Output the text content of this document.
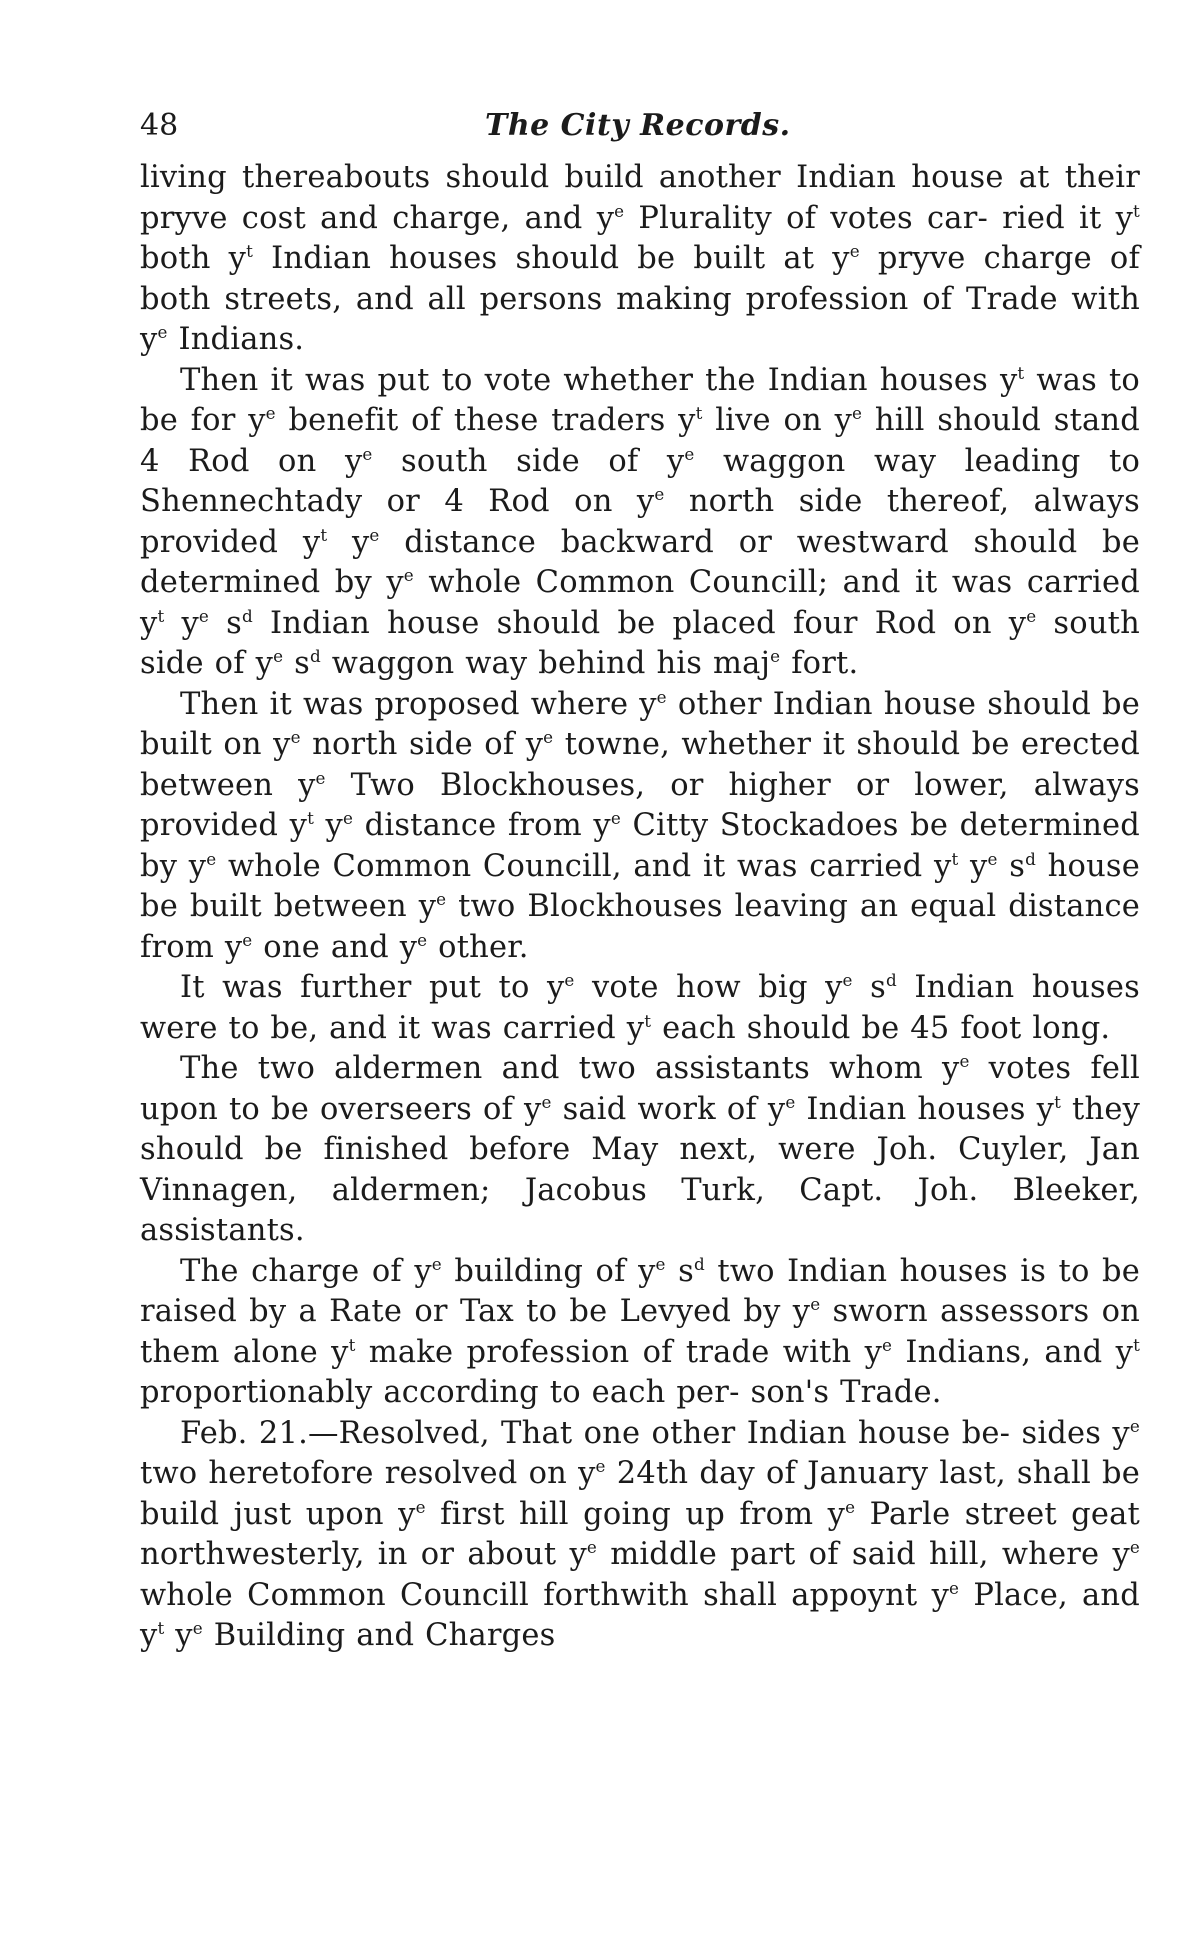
48	The City Records.

living thereabouts should build another Indian house at their pryve cost and charge, and $y^e$ Plurality of votes car- ried it $y^t$ both $y^t$ Indian houses should be built at $y^e$ pryve charge of both streets, and all persons making profession of Trade with $y^e$ Indians.

Then it was put to vote whether the Indian houses $y^t$ was to be for $y^e$ benefit of these traders $y^t$ live on $y^e$ hill should stand 4 Rod on $y^e$ south side of $y^e$ waggon way leading to Shennechtady or 4 Rod on $y^e$ north side thereof, always provided $y^t$ $y^e$ distance backward or westward should be determined by $y^e$ whole Common Councill; and it was carried $y^t$ $y^e$ $s^d$ Indian house should be placed four Rod on $y^e$ south side of $y^e$ $s^d$ waggon way behind his maj$^e$ fort.

Then it was proposed where $y^e$ other Indian house should be built on $y^e$ north side of $y^e$ towne, whether it should be erected between $y^e$ Two Blockhouses, or higher or lower, always provided $y^t$ $y^e$ distance from $y^e$ Citty Stockadoes be determined by $y^e$ whole Common Councill, and it was carried $y^t$ $y^e$ $s^d$ house be built between $y^e$ two Blockhouses leaving an equal distance from $y^e$ one and $y^e$ other.

It was further put to $y^e$ vote how big $y^e$ $s^d$ Indian houses were to be, and it was carried $y^t$ each should be 45 foot long.

The two aldermen and two assistants whom $y^e$ votes fell upon to be overseers of $y^e$ said work of $y^e$ Indian houses $y^t$ they should be finished before May next, were Joh. Cuyler, Jan Vinnagen, aldermen; Jacobus Turk, Capt. Joh. Bleeker, assistants.

The charge of $y^e$ building of $y^e$ $s^d$ two Indian houses is to be raised by a Rate or Tax to be Levyed by $y^e$ sworn assessors on them alone $y^t$ make profession of trade with $y^e$ Indians, and $y^t$ proportionably according to each per- son's Trade.

Feb. 21.—Resolved, That one other Indian house be- sides $y^e$ two heretofore resolved on $y^e$ 24th day of January last, shall be build just upon $y^e$ first hill going up from $y^e$ Parle street geat northwesterly, in or about $y^e$ middle part of said hill, where $y^e$ whole Common Councill forthwith shall appoynt $y^e$ Place, and $y^t$ $y^e$ Building and Charges
